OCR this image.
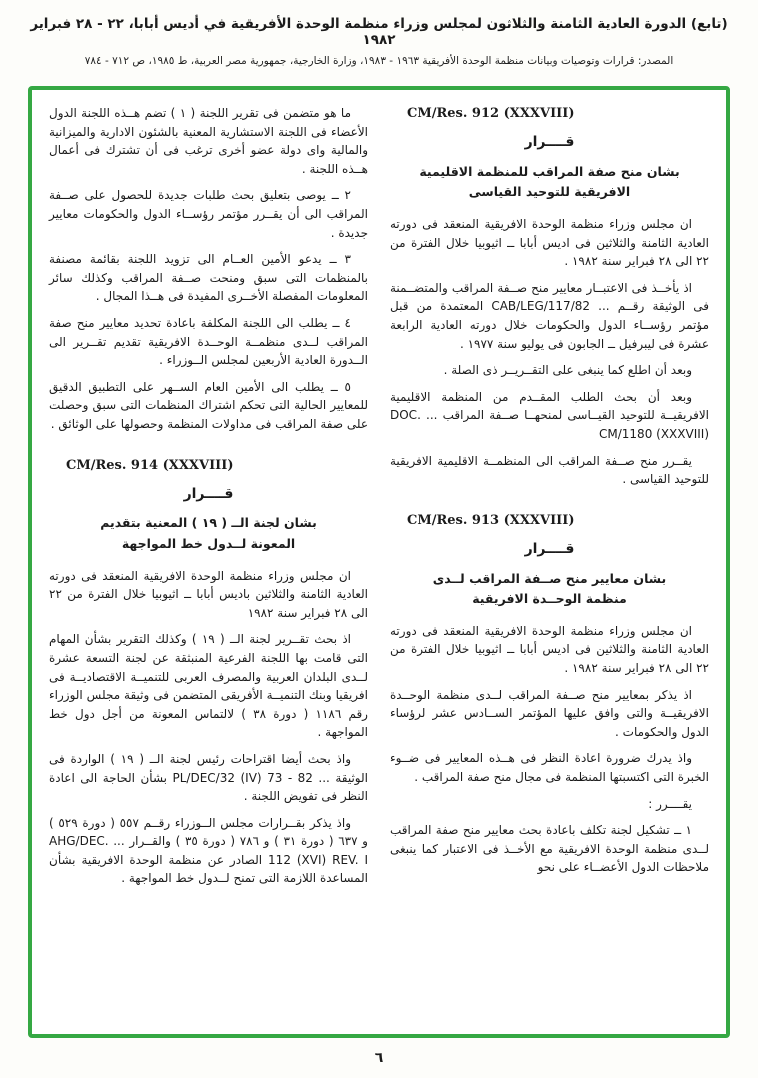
(تابع) الدورة العادية الثامنة والثلاثون لمجلس وزراء منظمة الوحدة الأفريقية في أديس أبابا، ٢٢ - ٢٨ فبراير ١٩٨٢
المصدر: قرارات وتوصيات وبيانات منظمة الوحدة الأفريقية ١٩٦٣ - ١٩٨٣، وزارة الخارجية، جمهورية مصر العربية، ط ١٩٨٥، ص ٧١٢ - ٧٨٤

CM/Res. 912 (XXXVIII)

قــــرار
بشان منح صفة المراقب للمنظمة الاقليمية
الافريقية للتوحيد القياسى

ان مجلس وزراء منظمة الوحدة الافريقية المنعقد فى دورته العادية الثامنة والثلاثين فى اديس أبابا ــ اثيوبيا خلال الفترة من ٢٢ الى ٢٨ فبراير سنة ١٩٨٢ .

اذ يأخــذ فى الاعتبــار معايير منح صــفة المراقب والمتضــمنة فى الوثيقة رقــم ... CAB/LEG/117/82 المعتمدة من قبل مؤتمر رؤســاء الدول والحكومات خلال دورته العادية الرابعة عشرة فى ليبرفيل ــ الجابون فى يوليو سنة ١٩٧٧ .

وبعد أن اطلع كما ينبغى على التقــريــر ذى الصلة .

وبعد أن بحث الطلب المقــدم من المنظمة الاقليمية الافريقيــة للتوحيد القيــاسى لمنحهــا صــفة المراقب ... DOC. CM/1180 (XXXVIII)

يقــرر منح صــفة المراقب الى المنظمــة الاقليمية الافريقية للتوحيد القياسى .

CM/Res. 913 (XXXVIII)

قــــرار
بشان معايير منح صــفة المراقب لــدى
منظمة الوحــدة الافريقية

ان مجلس وزراء منظمة الوحدة الافريقية المنعقد فى دورته العادية الثامنة والثلاثين فى اديس أبابا ــ اثيوبيا خلال الفترة من ٢٢ الى ٢٨ فبراير سنة ١٩٨٢ .

اذ يذكر بمعايير منح صــفة المراقب لــدى منظمة الوحــدة الافريقيــة والتى وافق عليها المؤتمر الســادس عشر لرؤساء الدول والحكومات .

واذ يدرك ضرورة اعادة النظر فى هــذه المعايير فى ضــوء الخبرة التى اكتسبتها المنظمة فى مجال منح صفة المراقب .

يقــــرر :

١ ــ تشكيل لجنة تكلف باعادة بحث معايير منح صفة المراقب لــدى منظمة الوحدة الافريقية مع الأخــذ فى الاعتبار كما ينبغى ملاحظات الدول الأعضــاء على نحو

ما هو متضمن فى تقرير اللجنة ( ١ ) تضم هــذه اللجنة الدول الأعضاء فى اللجنة الاستشارية المعنية بالشئون الادارية والميزانية والمالية واى دولة عضو أخرى ترغب فى أن تشترك فى أعمال هــذه اللجنة .

٢ ــ يوصى بتعليق بحث طلبات جديدة للحصول على صــفة المراقب الى أن يقــرر مؤتمر رؤســاء الدول والحكومات معايير جديدة .

٣ ــ يدعو الأمين العــام الى تزويد اللجنة بقائمة مصنفة بالمنظمات التى سبق ومنحت صــفة المراقب وكذلك سائر المعلومات المفصلة الأخــرى المفيدة فى هــذا المجال .

٤ ــ يطلب الى اللجنة المكلفة باعادة تحديد معايير منح صفة المراقب لــدى منظمــة الوحــدة الافريقية تقديم تقــرير الى الــدورة العادية الأربعين لمجلس الــوزراء .

٥ ــ يطلب الى الأمين العام الســهر على التطبيق الدقيق للمعايير الحالية التى تحكم اشتراك المنظمات التى سبق وحصلت على صفة المراقب فى مداولات المنظمة وحصولها على الوثائق .

CM/Res. 914 (XXXVIII)

قــــرار
بشان لجنة الــ ( ١٩ ) المعنية بتقديم
المعونة لــدول خط المواجهة

ان مجلس وزراء منظمة الوحدة الافريقية المنعقد فى دورته العادية الثامنة والثلاثين باديس أبابا ــ اثيوبيا خلال الفترة من ٢٢ الى ٢٨ فبراير سنة ١٩٨٢

اذ بحث تقــرير لجنة الــ ( ١٩ ) وكذلك التقرير بشأن المهام التى قامت بها اللجنة الفرعية المنبثقة عن لجنة التسعة عشرة لــدى البلدان العربية والمصرف العربى للتنميــة الاقتصاديــة فى افريقيا وبنك التنميــة الأفريقى المتضمن فى وثيقة مجلس الوزراء رقم ١١٨٦ ( دورة ٣٨ ) لالتماس المعونة من أجل دول خط المواجهة .

واذ بحث أيضا اقتراحات رئيس لجنة الــ ( ١٩ ) الواردة فى الوثيقة ... PL/DEC/32 (IV) 73 - 82 بشأن الحاجة الى اعادة النظر فى تفويض اللجنة .

واذ يذكر بقــرارات مجلس الــوزراء رقــم ٥٥٧ ( دورة ٥٢٩ ) و ٦٣٧ ( دورة ٣١ ) و ٧٨٦ ( دورة ٣٥ ) والقــرار ... AHG/DEC. 112 (XVI) REV. I الصادر عن منظمة الوحدة الافريقية بشأن المساعدة اللازمة التى تمنح لــدول خط المواجهة .

٦
